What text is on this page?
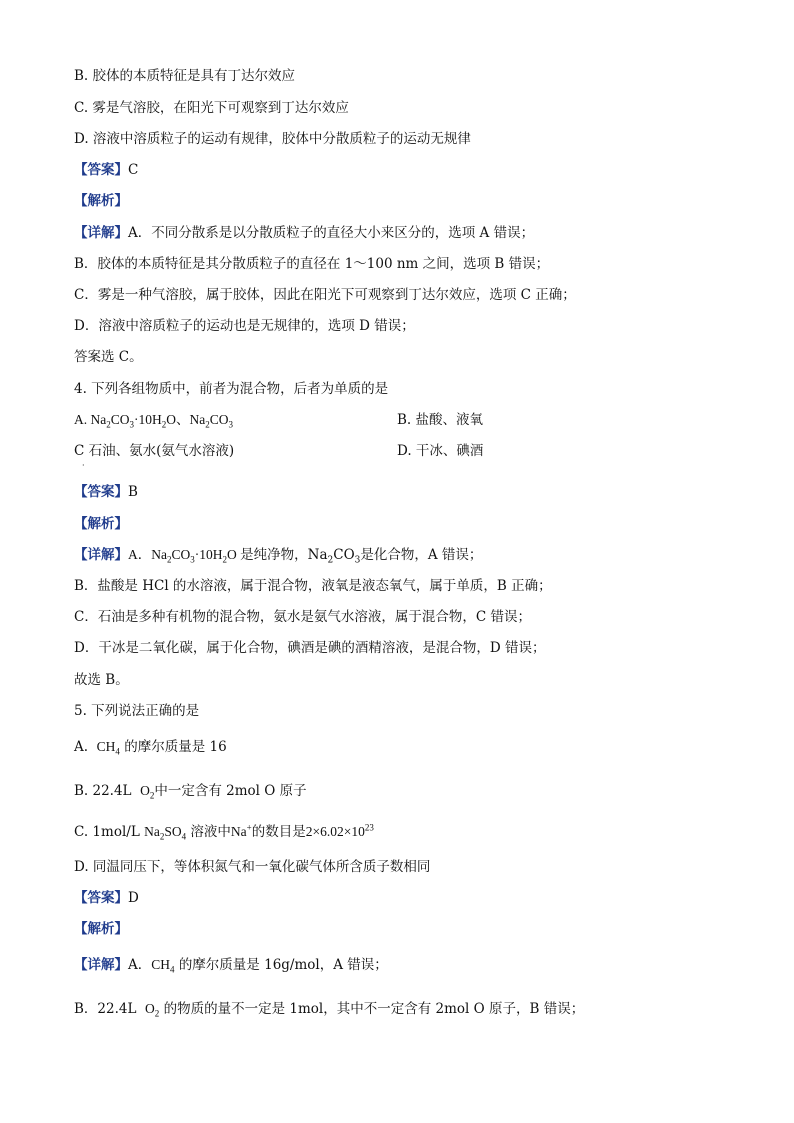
B. 胶体的本质特征是具有丁达尔效应
C. 雾是气溶胶，在阳光下可观察到丁达尔效应
D. 溶液中溶质粒子的运动有规律，胶体中分散质粒子的运动无规律
【答案】C
【解析】
【详解】A．不同分散系是以分散质粒子的直径大小来区分的，选项 A 错误；
B．胶体的本质特征是其分散质粒子的直径在 1～100 nm 之间，选项 B 错误；
C．雾是一种气溶胶，属于胶体，因此在阳光下可观察到丁达尔效应，选项 C 正确；
D．溶液中溶质粒子的运动也是无规律的，选项 D 错误；
答案选 C。
4. 下列各组物质中，前者为混合物，后者为单质的是
A. $Na_2CO_3\cdot 10H_2O$、$Na_2CO_3$	B. 盐酸、液氧
C 石油、氨水(氨气水溶液)
·
D. 干冰、碘酒
【答案】B
【解析】
【详解】A．$Na_2CO_3\cdot 10H_2O$ 是纯净物，$Na_2CO_3$是化合物，A 错误；
B．盐酸是 HCl 的水溶液，属于混合物，液氧是液态氧气，属于单质，B 正确；
C．石油是多种有机物的混合物，氨水是氨气水溶液，属于混合物，C 错误；
D．干冰是二氧化碳，属于化合物，碘酒是碘的酒精溶液，是混合物，D 错误；
故选 B。
5. 下列说法正确的是
A. $CH_4$ 的摩尔质量是 16
B. 22.4L $O_2$中一定含有 2mol O 原子
C. 1mol/L $Na_2SO_4$ 溶液中Na+的数目是$2\times 6.02\times 10^{23}$
D. 同温同压下，等体积氮气和一氧化碳气体所含质子数相同
【答案】D
【解析】
【详解】A．$CH_4$ 的摩尔质量是 16g/mol，A 错误；
B．22.4L $O_2$ 的物质的量不一定是 1mol，其中不一定含有 2mol O 原子，B 错误；
